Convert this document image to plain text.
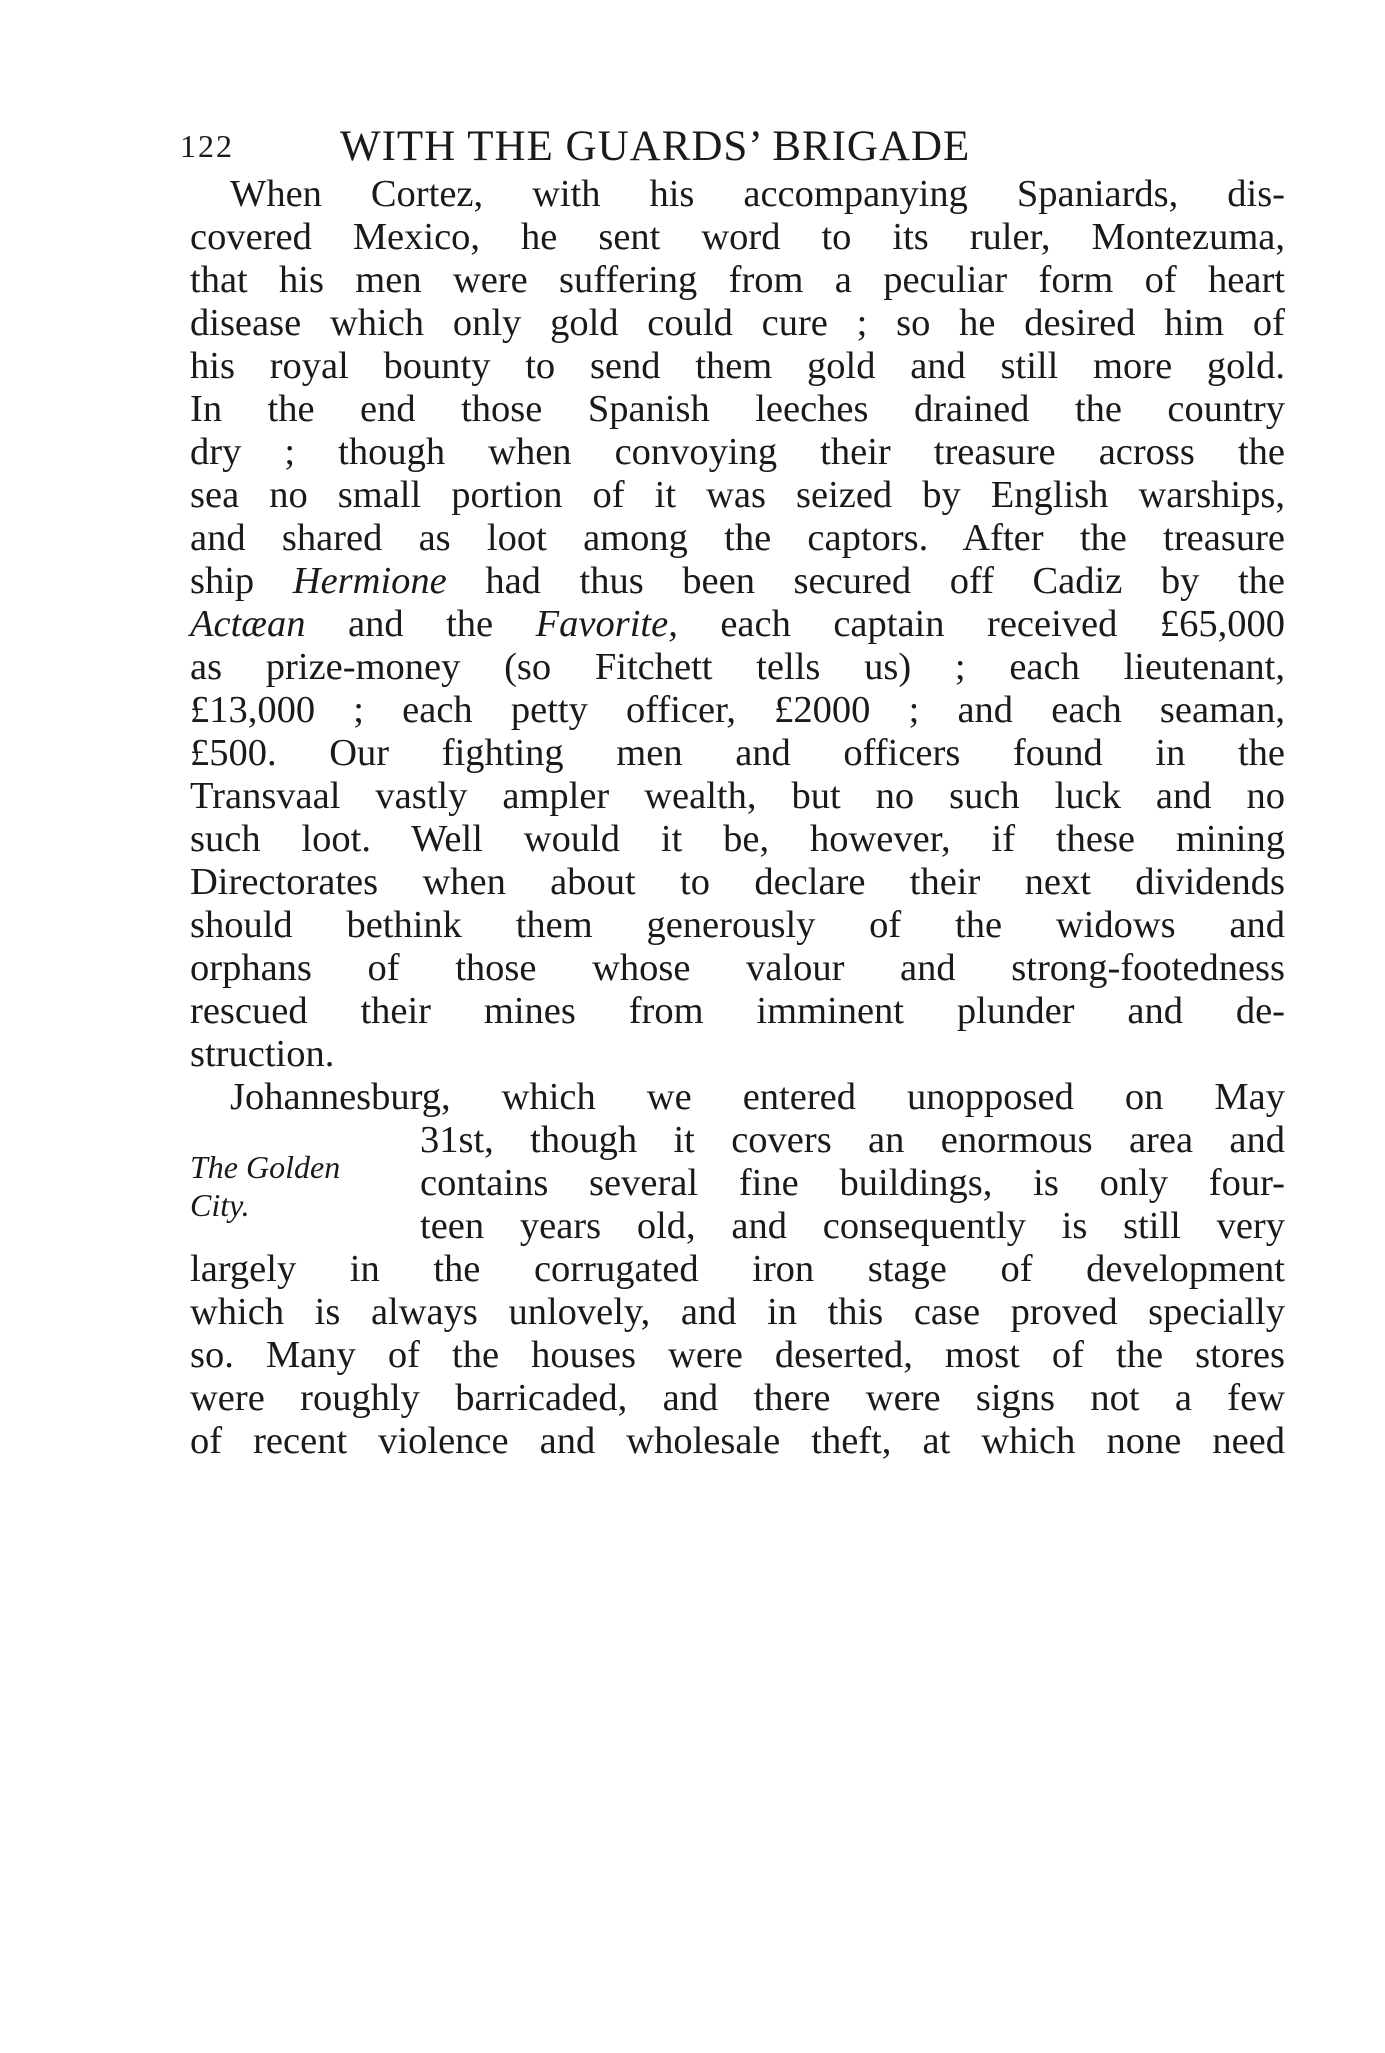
122 WITH THE GUARDS’ BRIGADE
When Cortez, with his accompanying Spaniards, dis-
covered Mexico, he sent word to its ruler, Montezuma,
that his men were suffering from a peculiar form of heart
disease which only gold could cure ; so he desired him of
his royal bounty to send them gold and still more gold.
In the end those Spanish leeches drained the country
dry ; though when convoying their treasure across the
sea no small portion of it was seized by English warships,
and shared as loot among the captors. After the treasure
ship Hermione had thus been secured off Cadiz by the
Actæan and the Favorite, each captain received £65,000
as prize-money (so Fitchett tells us) ; each lieutenant,
£13,000 ; each petty officer, £2000 ; and each seaman,
£500. Our fighting men and officers found in the
Transvaal vastly ampler wealth, but no such luck and no
such loot. Well would it be, however, if these mining
Directorates when about to declare their next dividends
should bethink them generously of the widows and
orphans of those whose valour and strong-footedness
rescued their mines from imminent plunder and de-
struction.
Johannesburg, which we entered unopposed on May
31st, though it covers an enormous area and
contains several fine buildings, is only four-
teen years old, and consequently is still very
largely in the corrugated iron stage of development
which is always unlovely, and in this case proved specially
so. Many of the houses were deserted, most of the stores
were roughly barricaded, and there were signs not a few
of recent violence and wholesale theft, at which none need
The Golden
City.
